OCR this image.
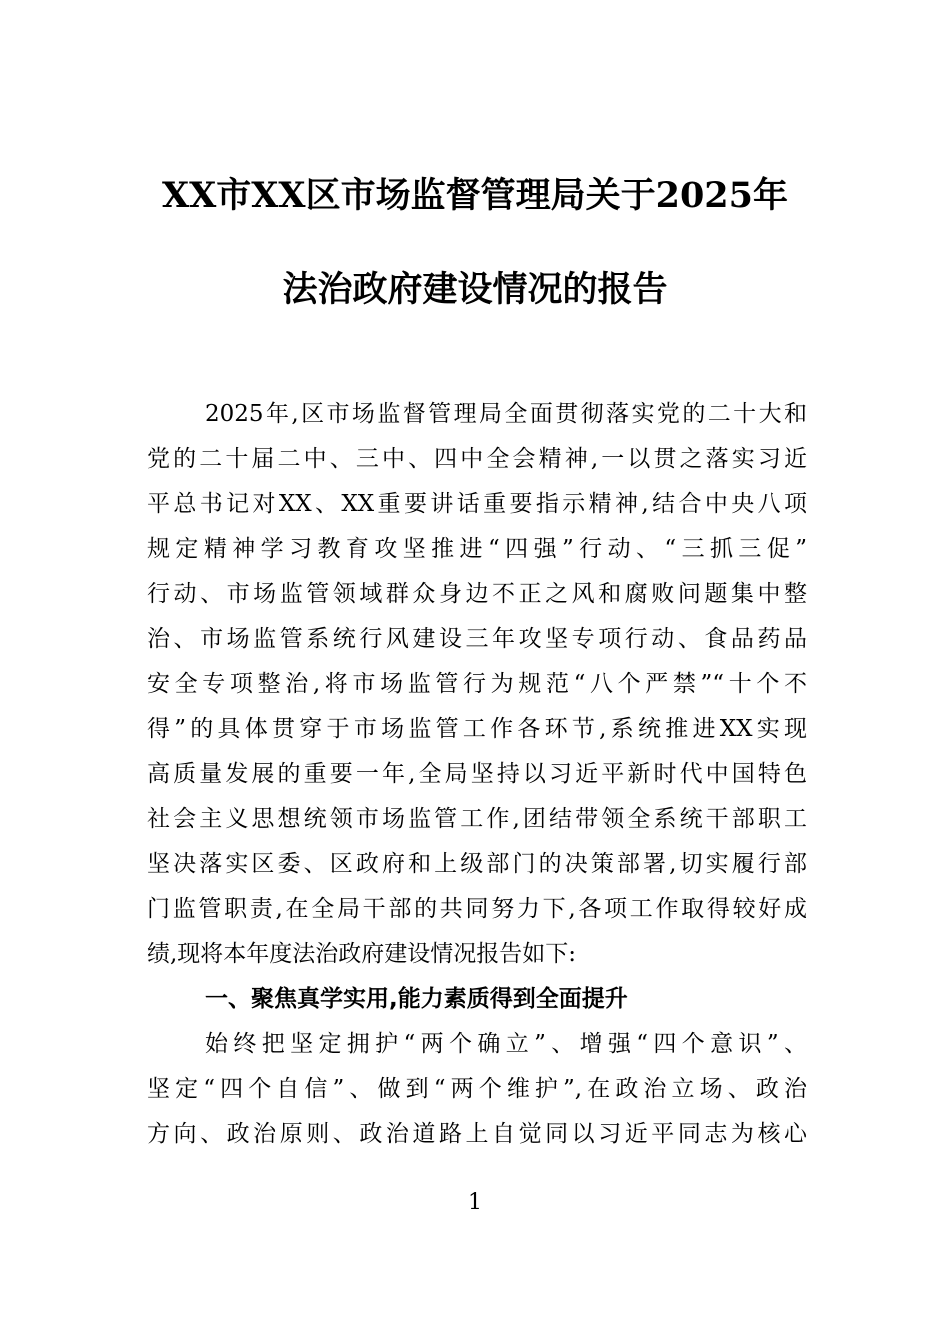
XX市XX区市场监督管理局关于2025年
法治政府建设情况的报告
2025年,区市场监督管理局全面贯彻落实党的二十大和
党的二十届二中、三中、四中全会精神,一以贯之落实习近
平总书记对XX、XX重要讲话重要指示精神,结合中央八项
规定精神学习教育攻坚推进“四强”行动、“三抓三促”
行动、市场监管领域群众身边不正之风和腐败问题集中整
治、市场监管系统行风建设三年攻坚专项行动、食品药品
安全专项整治,将市场监管行为规范“八个严禁”“十个不
得”的具体贯穿于市场监管工作各环节,系统推进XX实现
高质量发展的重要一年,全局坚持以习近平新时代中国特色
社会主义思想统领市场监管工作,团结带领全系统干部职工
坚决落实区委、区政府和上级部门的决策部署,切实履行部
门监管职责,在全局干部的共同努力下,各项工作取得较好成
绩,现将本年度法治政府建设情况报告如下:
一、聚焦真学实用,能力素质得到全面提升
始终把坚定拥护“两个确立”、增强“四个意识”、
坚定“四个自信”、做到“两个维护”,在政治立场、政治
方向、政治原则、政治道路上自觉同以习近平同志为核心
1
